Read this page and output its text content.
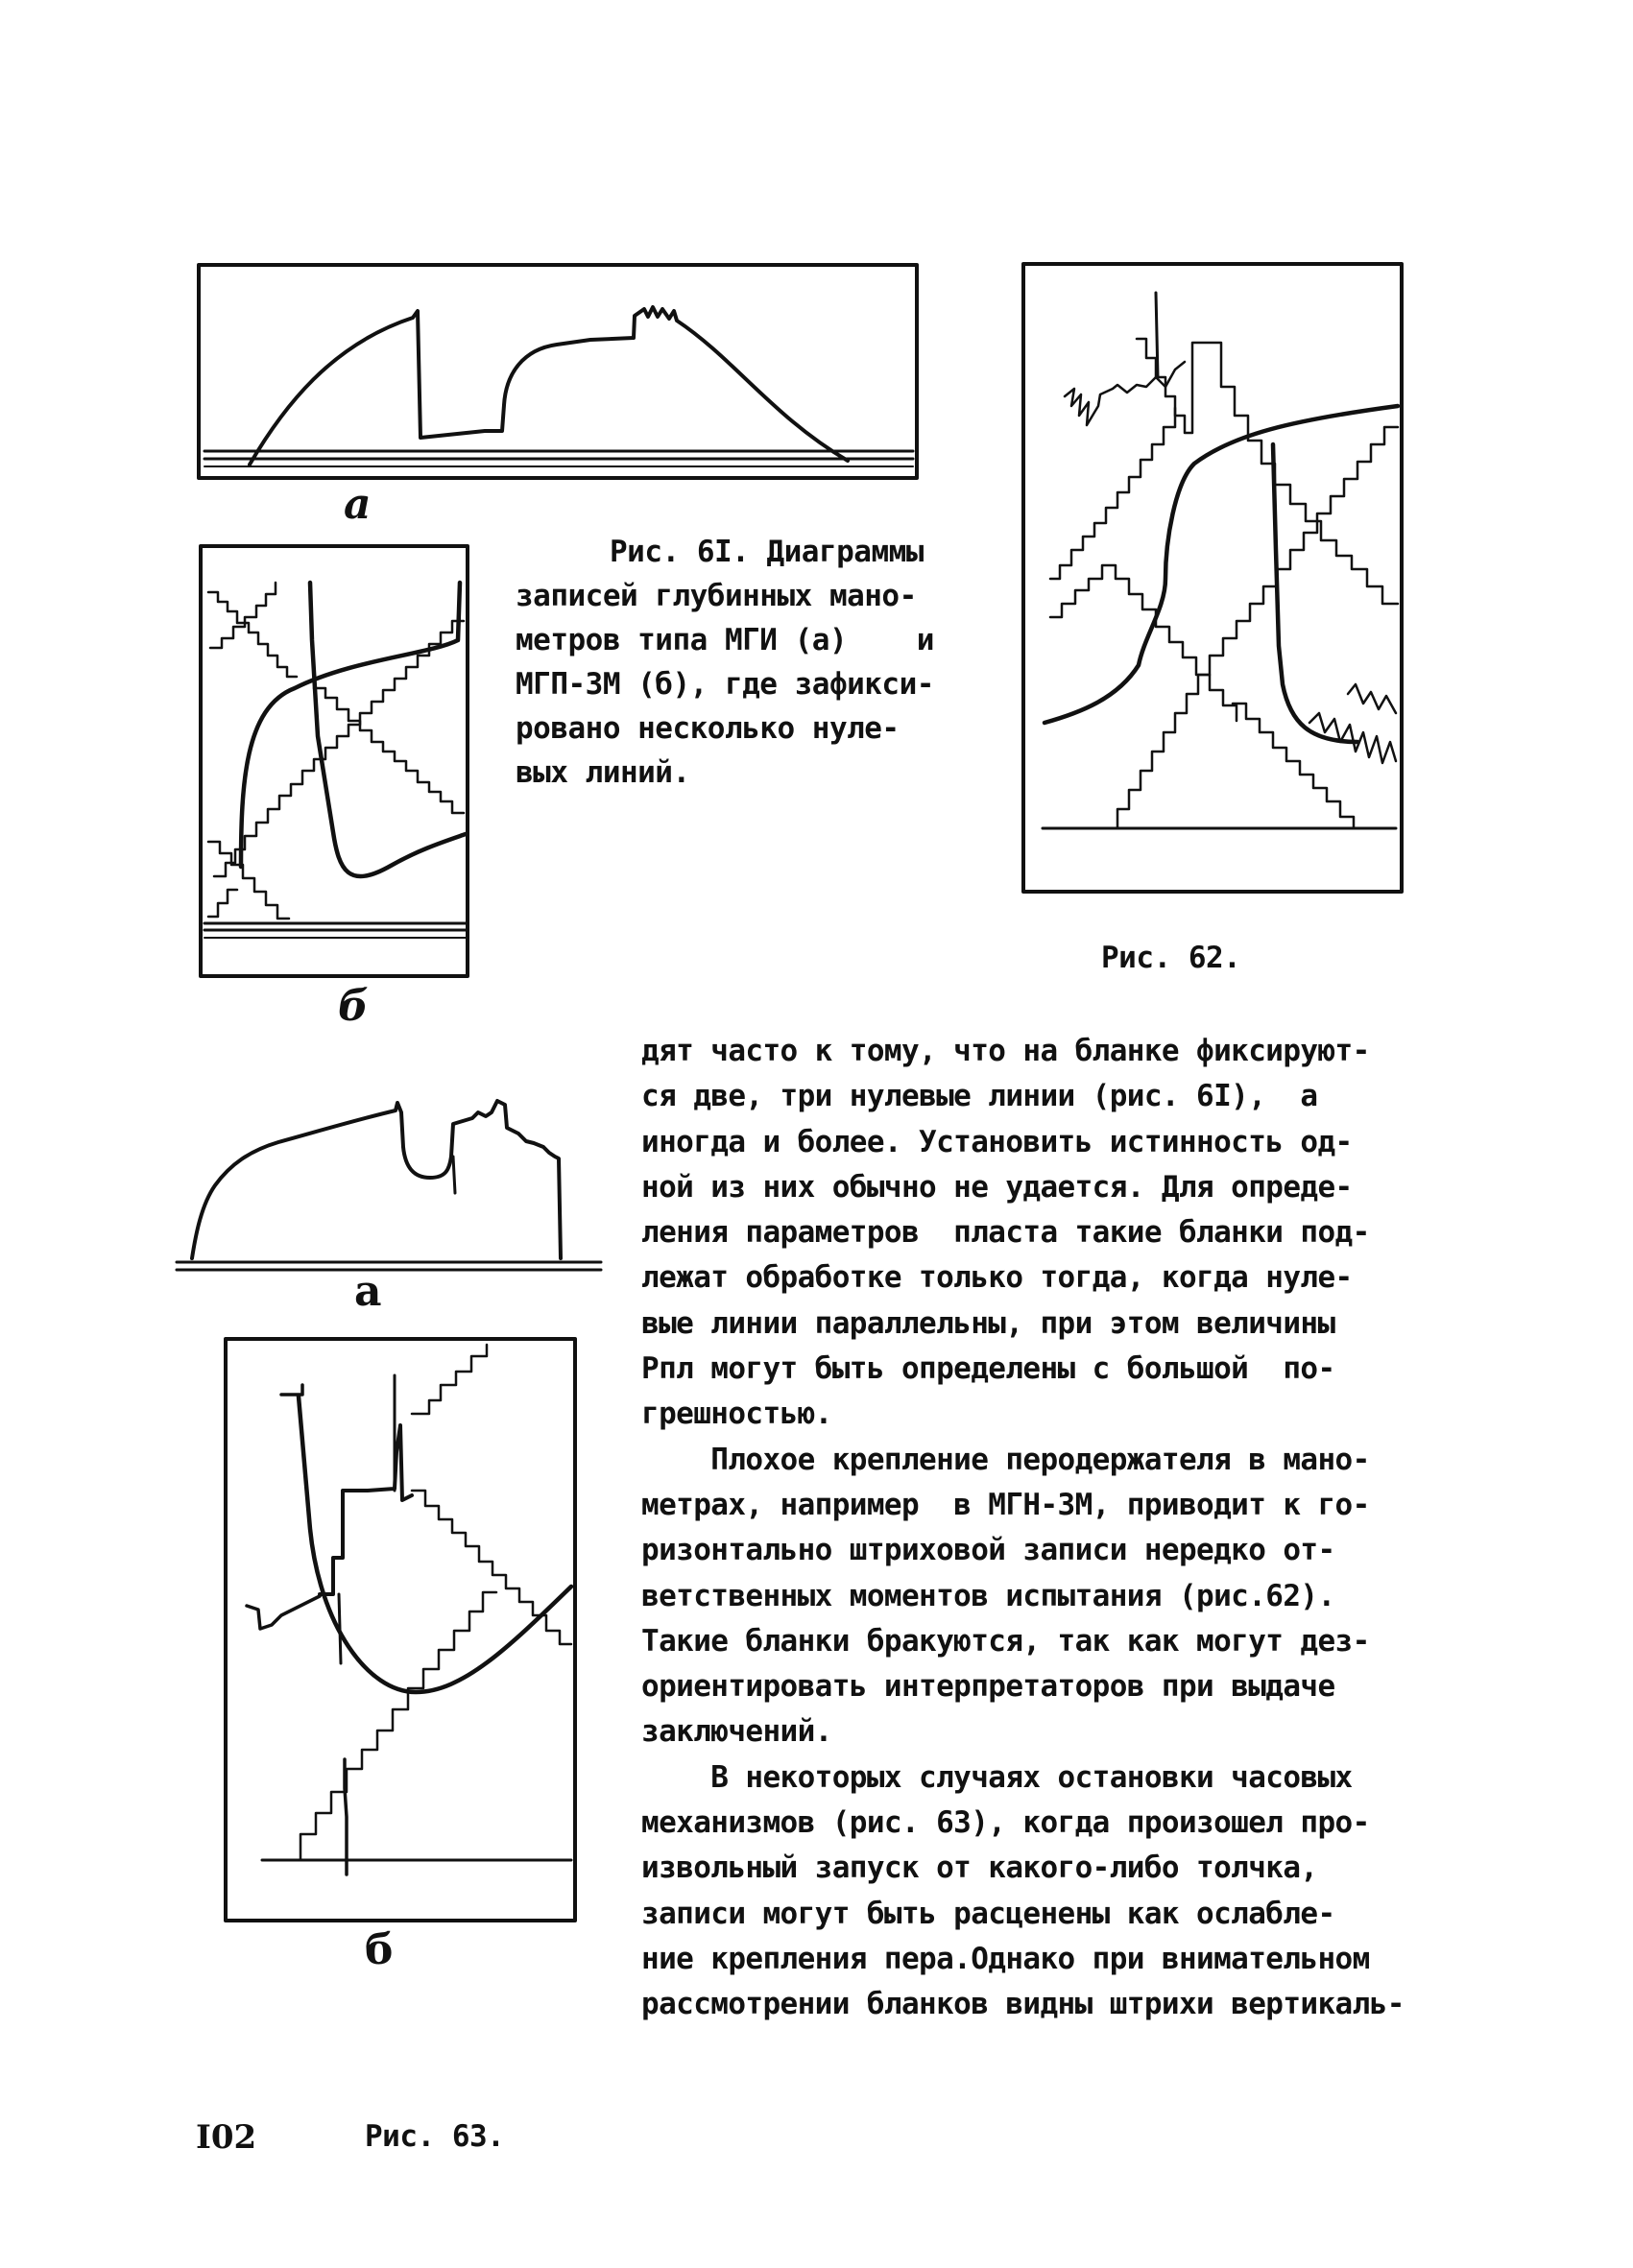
а
б
Рис. 6I. Диаграммы
записей глубинных мано-
метров типа МГИ (а)    и
МГП-3М (б), где зафикси-
ровано несколько нуле-
вых линий.
Рис. 62.
a
б
I02	Рис. 63.
дят часто к тому, что на бланке фиксируют-
ся две, три нулевые линии (рис. 6I),  а
иногда и более. Установить истинность од-
ной из них обычно не удается. Для опреде-
ления параметров  пласта такие бланки под-
лежат обработке только тогда, когда нуле-
вые линии параллельны, при этом величины
Рпл могут быть определены с большой  по-
грешностью.
Плохое крепление перодержателя в мано-
метрах, например  в МГН-3М, приводит к го-
ризонтально штриховой записи нередко от-
ветственных моментов испытания (рис.62).
Такие бланки бракуются, так как могут дез-
ориентировать интерпретаторов при выдаче
заключений.
В некоторых случаях остановки часовых
механизмов (рис. 63), когда произошел про-
извольный запуск от какого-либо толчка,
записи могут быть расценены как ослабле-
ние крепления пера.Однако при внимательном
рассмотрении бланков видны штрихи вертикаль-
